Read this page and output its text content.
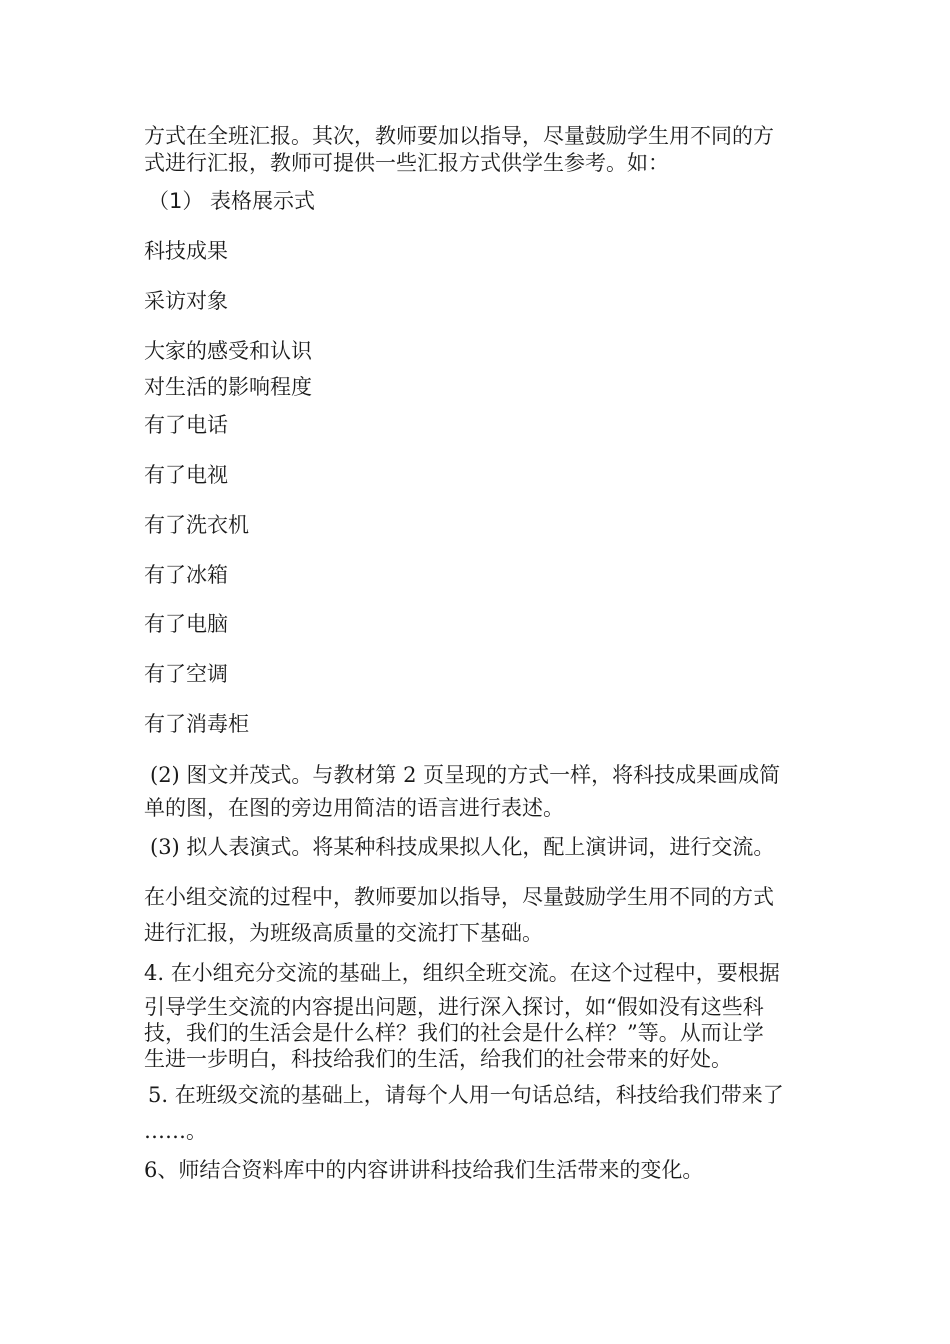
方式在全班汇报。其次，教师要加以指导，尽量鼓励学生用不同的方
式进行汇报，教师可提供一些汇报方式供学生参考。如：
（1） 表格展示式
科技成果
采访对象
大家的感受和认识
对生活的影响程度
有了电话
有了电视
有了洗衣机
有了冰箱
有了电脑
有了空调
有了消毒柜
(2) 图文并茂式。与教材第 2 页呈现的方式一样，将科技成果画成简
单的图，在图的旁边用简洁的语言进行表述。
(3) 拟人表演式。将某种科技成果拟人化，配上演讲词，进行交流。
在小组交流的过程中，教师要加以指导，尽量鼓励学生用不同的方式
进行汇报，为班级高质量的交流打下基础。
4. 在小组充分交流的基础上，组织全班交流。在这个过程中，要根据
引导学生交流的内容提出问题，进行深入探讨，如“假如没有这些科
技，我们的生活会是什么样？我们的社会是什么样？”等。从而让学
生进一步明白，科技给我们的生活，给我们的社会带来的好处。
5. 在班级交流的基础上，请每个人用一句话总结，科技给我们带来了
……。
6、师结合资料库中的内容讲讲科技给我们生活带来的变化。
